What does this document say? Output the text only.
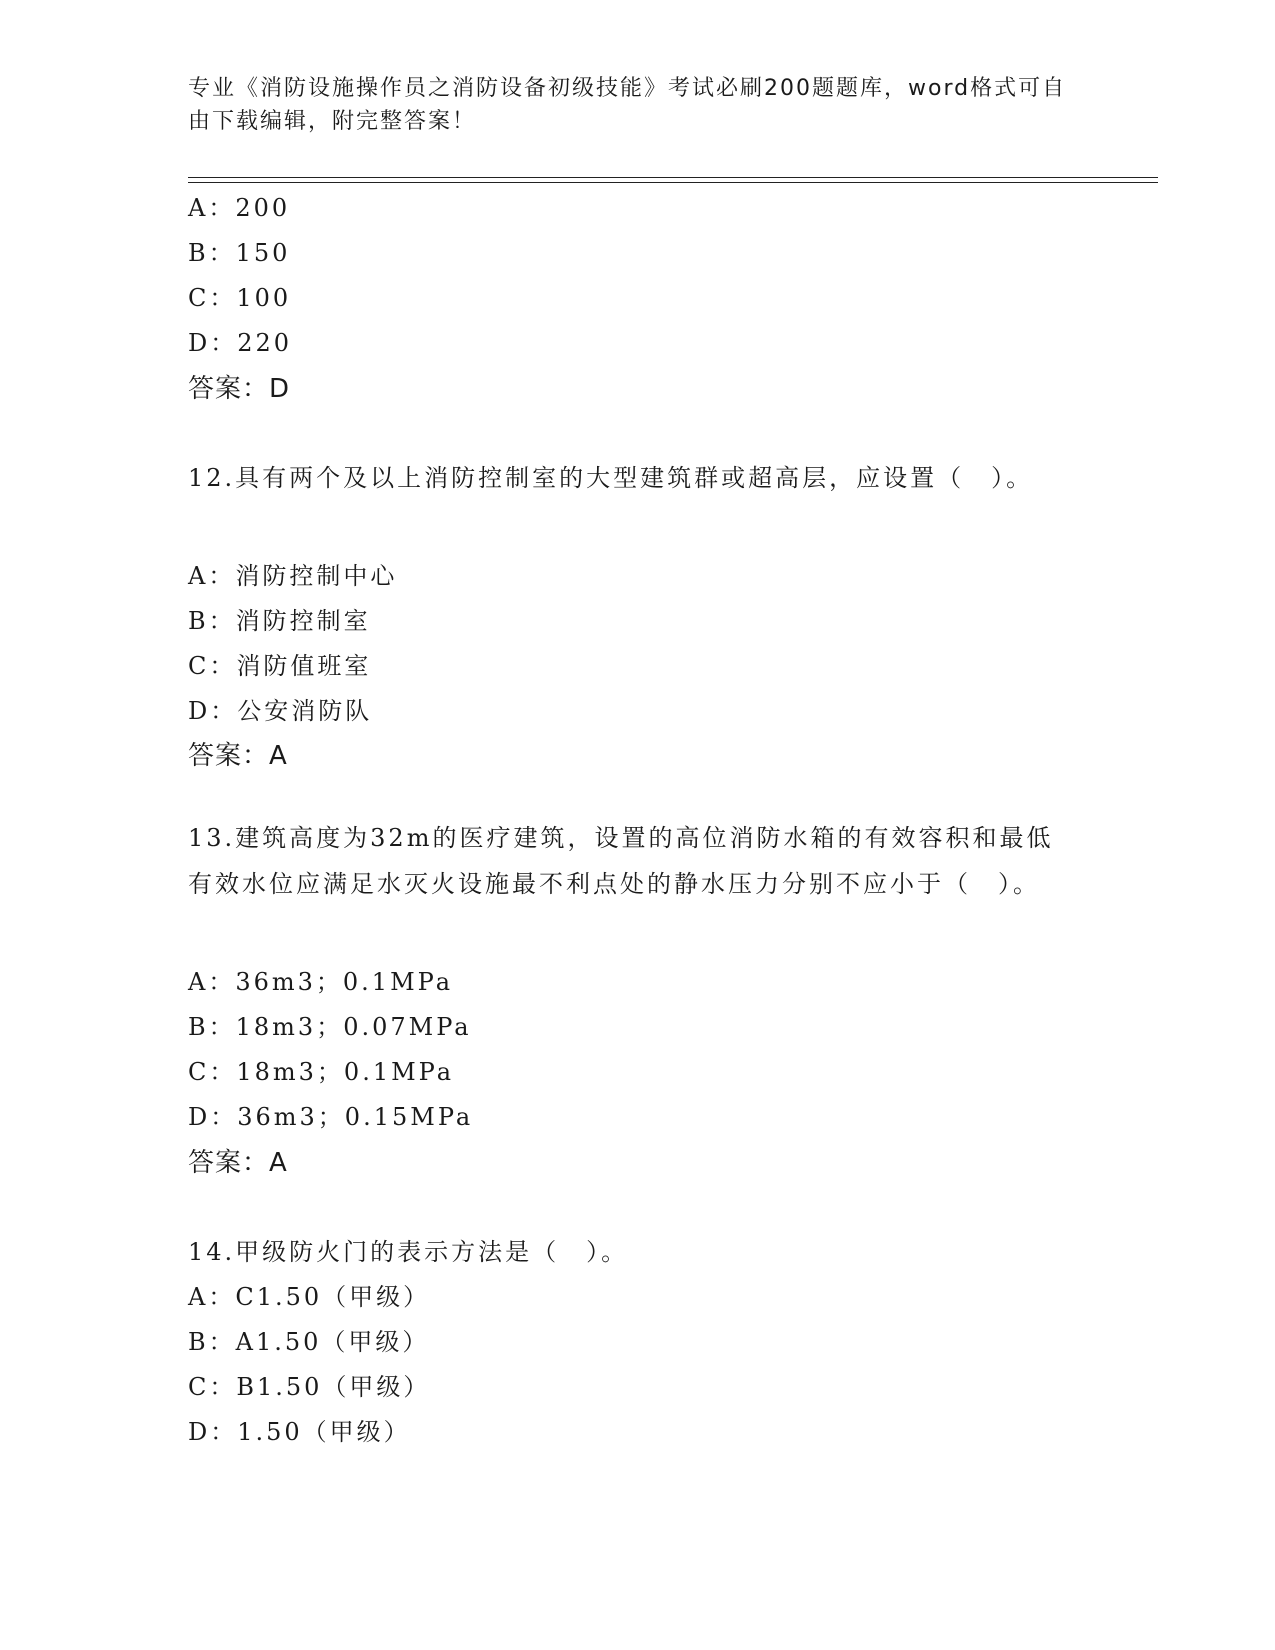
专业《消防设施操作员之消防设备初级技能》考试必刷200题题库，word格式可自由下载编辑，附完整答案！
A：200
B：150
C：100
D：220
答案：D
12.具有两个及以上消防控制室的大型建筑群或超高层，应设置（　）。
A：消防控制中心
B：消防控制室
C：消防值班室
D：公安消防队
答案：A
13.建筑高度为32m的医疗建筑，设置的高位消防水箱的有效容积和最低有效水位应满足水灭火设施最不利点处的静水压力分别不应小于（　）。
A：36m3；0.1MPa
B：18m3；0.07MPa
C：18m3；0.1MPa
D：36m3；0.15MPa
答案：A
14.甲级防火门的表示方法是（　）。
A：C1.50（甲级）
B：A1.50（甲级）
C：B1.50（甲级）
D：1.50（甲级）
